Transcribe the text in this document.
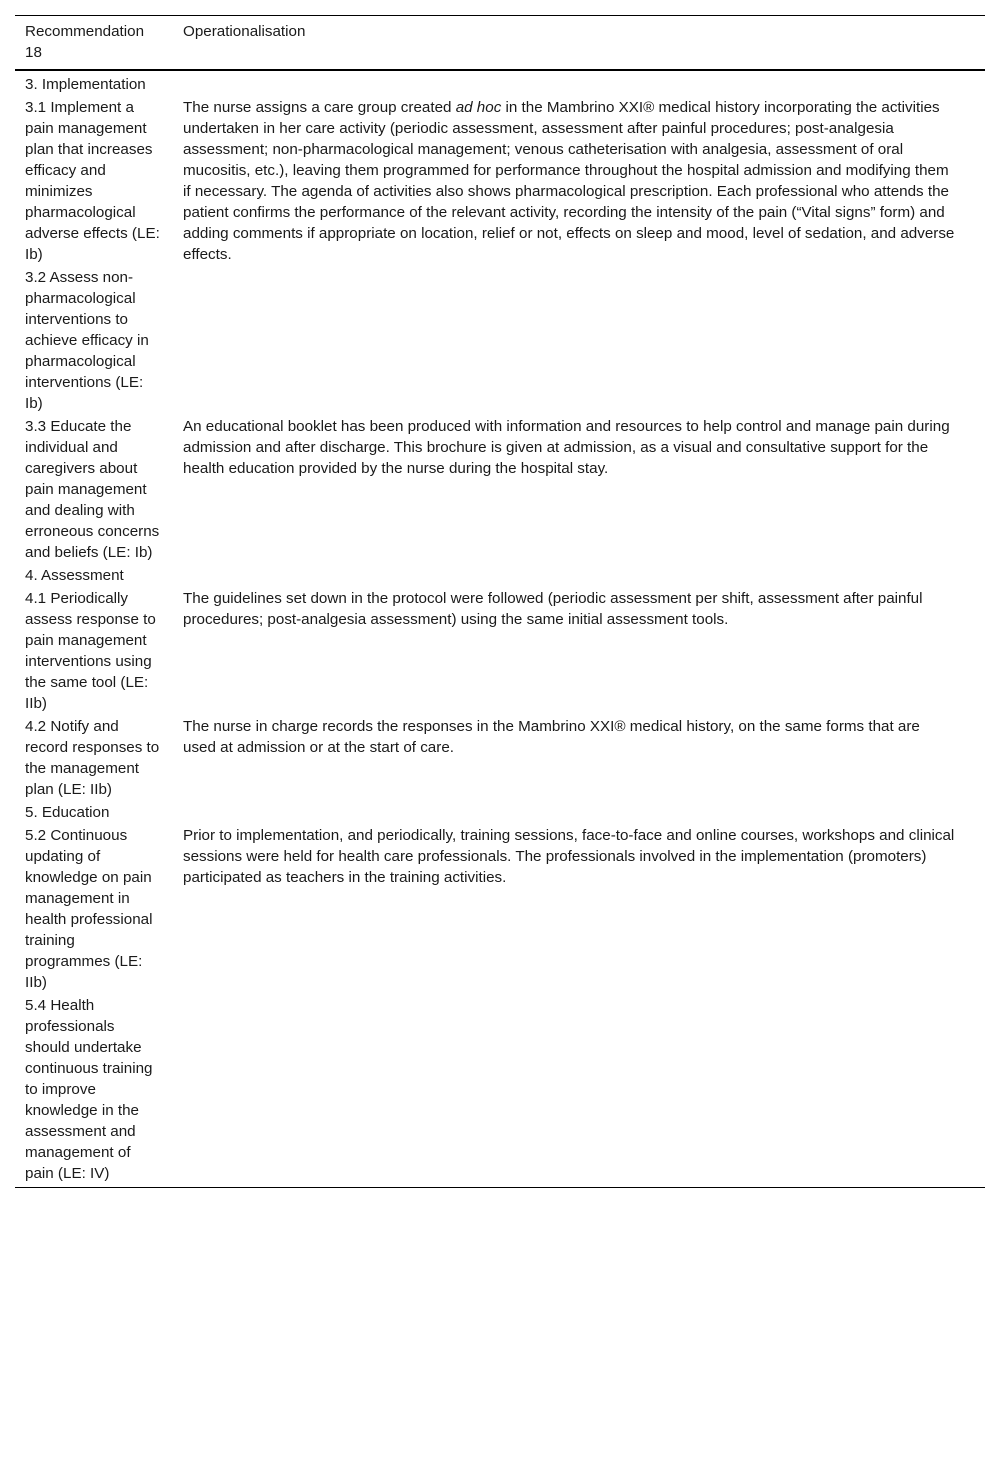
Recommendation 18	Operationalisation
3. Implementation	
3.1 Implement a pain management plan that increases efficacy and minimizes pharmacological adverse effects (LE: Ib)	The nurse assigns a care group created ad hoc in the Mambrino XXI® medical history incorporating the activities undertaken in her care activity (periodic assessment, assessment after painful procedures; post-analgesia assessment; non-pharmacological management; venous catheterisation with analgesia, assessment of oral mucositis, etc.), leaving them programmed for performance throughout the hospital admission and modifying them if necessary. The agenda of activities also shows pharmacological prescription. Each professional who attends the patient confirms the performance of the relevant activity, recording the intensity of the pain (“Vital signs” form) and adding comments if appropriate on location, relief or not, effects on sleep and mood, level of sedation, and adverse effects.
3.2 Assess non-pharmacological interventions to achieve efficacy in pharmacological interventions (LE: Ib)	
3.3 Educate the individual and caregivers about pain management and dealing with erroneous concerns and beliefs (LE: Ib)	An educational booklet has been produced with information and resources to help control and manage pain during admission and after discharge. This brochure is given at admission, as a visual and consultative support for the health education provided by the nurse during the hospital stay.
4. Assessment	
4.1 Periodically assess response to pain management interventions using the same tool (LE: IIb)	The guidelines set down in the protocol were followed (periodic assessment per shift, assessment after painful procedures; post-analgesia assessment) using the same initial assessment tools.
4.2 Notify and record responses to the management plan (LE: IIb)	The nurse in charge records the responses in the Mambrino XXI® medical history, on the same forms that are used at admission or at the start of care.
5. Education	
5.2 Continuous updating of knowledge on pain management in health professional training programmes (LE: IIb)	Prior to implementation, and periodically, training sessions, face-to-face and online courses, workshops and clinical sessions were held for health care professionals. The professionals involved in the implementation (promoters) participated as teachers in the training activities.
5.4 Health professionals should undertake continuous training to improve knowledge in the assessment and management of pain (LE: IV)	
